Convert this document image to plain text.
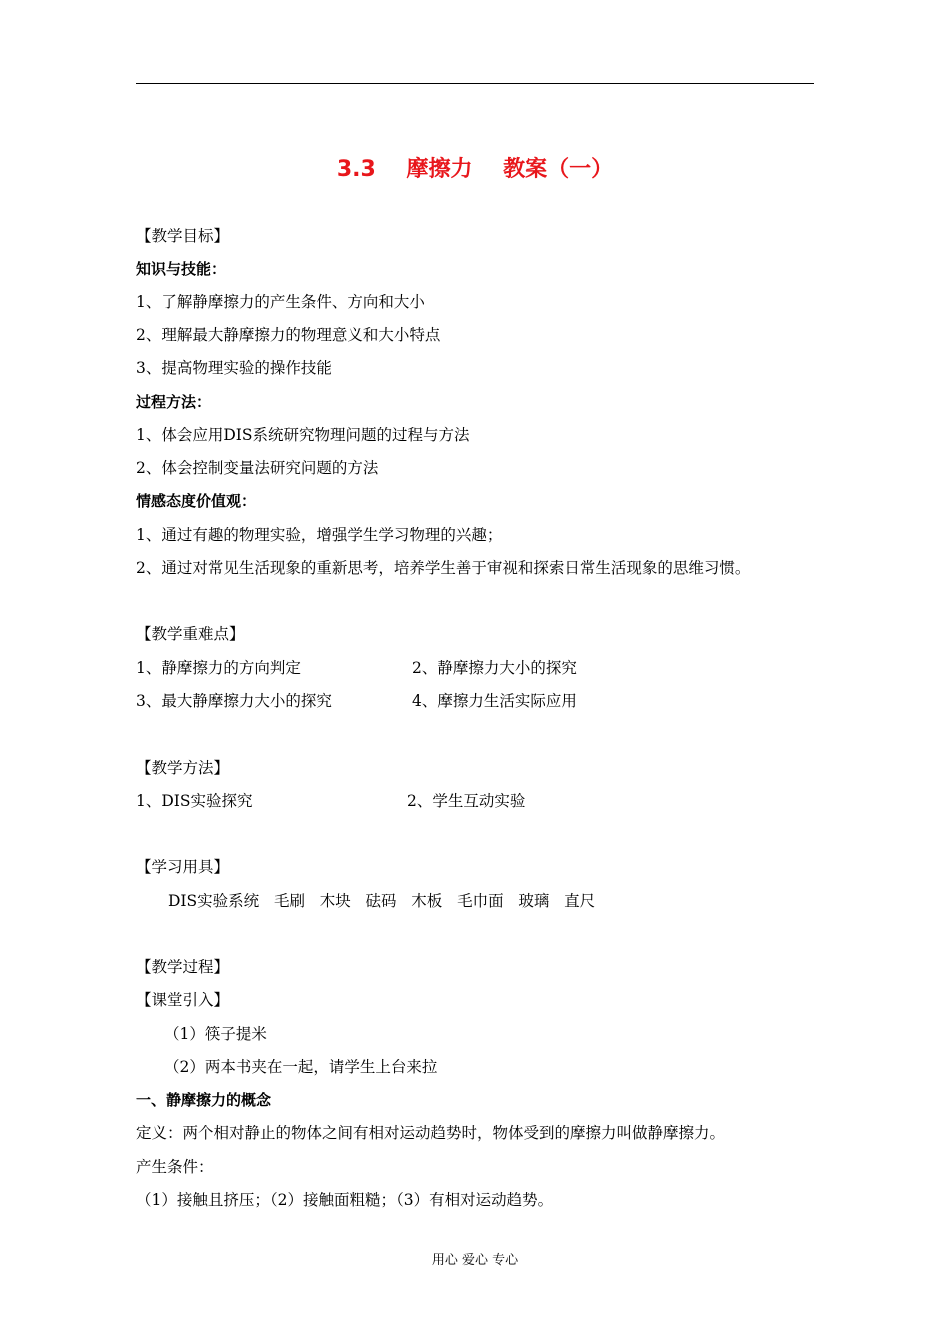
3.3    摩擦力    教案（一）
【教学目标】
知识与技能：
1、了解静摩擦力的产生条件、方向和大小
2、理解最大静摩擦力的物理意义和大小特点
3、提高物理实验的操作技能
过程方法：
1、体会应用DIS系统研究物理问题的过程与方法
2、体会控制变量法研究问题的方法
情感态度价值观：
1、通过有趣的物理实验，增强学生学习物理的兴趣；
2、通过对常见生活现象的重新思考，培养学生善于审视和探索日常生活现象的思维习惯。
【教学重难点】
1、静摩擦力的方向判定	2、静摩擦力大小的探究
3、最大静摩擦力大小的探究	4、摩擦力生活实际应用
【教学方法】
1、DIS实验探究	2、学生互动实验
【学习用具】
DIS实验系统   毛刷   木块   砝码   木板   毛巾面   玻璃   直尺
【教学过程】
【课堂引入】
（1）筷子提米
（2）两本书夹在一起，请学生上台来拉
一、静摩擦力的概念
定义：两个相对静止的物体之间有相对运动趋势时，物体受到的摩擦力叫做静摩擦力。
产生条件：
（1）接触且挤压；（2）接触面粗糙；（3）有相对运动趋势。
用心 爱心 专心
